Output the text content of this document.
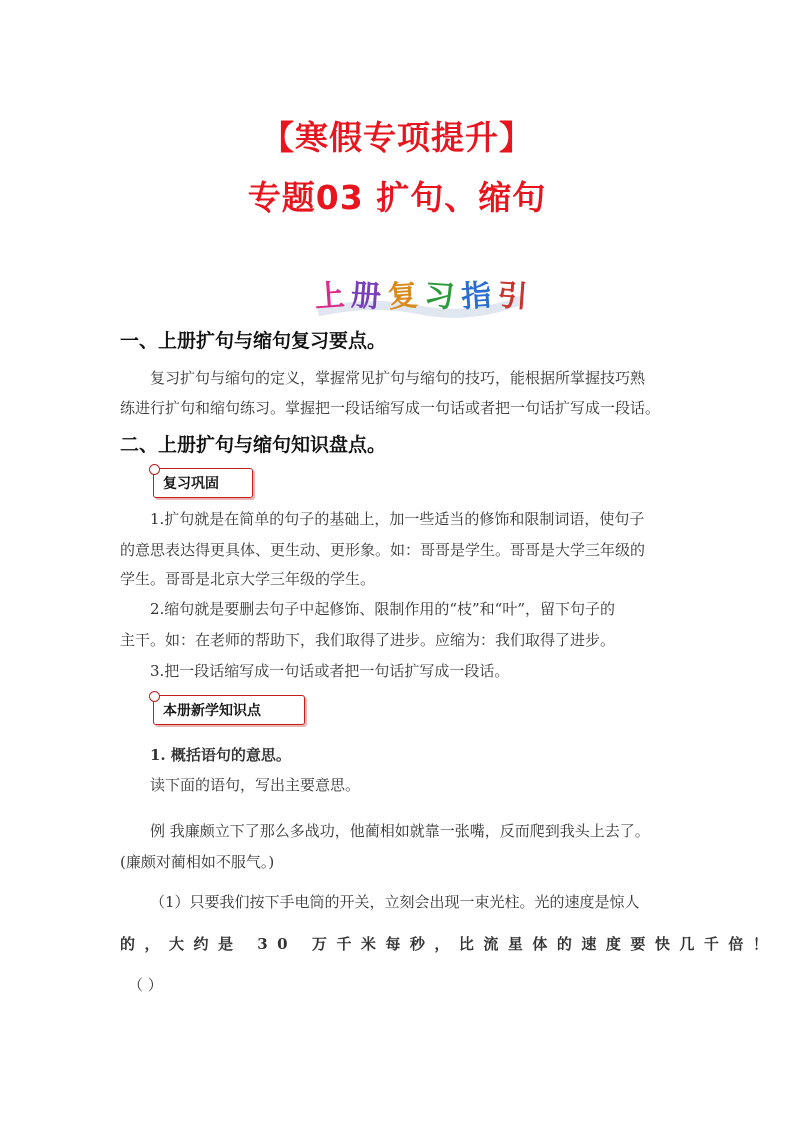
【寒假专项提升】
专题03 扩句、缩句
上 册 复 习 指 引
一、上册扩句与缩句复习要点。
复习扩句与缩句的定义，掌握常见扩句与缩句的技巧，能根据所掌握技巧熟
练进行扩句和缩句练习。掌握把一段话缩写成一句话或者把一句话扩写成一段话。
二、上册扩句与缩句知识盘点。
复习巩固
1.扩句就是在简单的句子的基础上，加一些适当的修饰和限制词语，使句子
的意思表达得更具体、更生动、更形象。如：哥哥是学生。哥哥是大学三年级的
学生。哥哥是北京大学三年级的学生。
2.缩句就是要删去句子中起修饰、限制作用的“枝”和“叶”，留下句子的
主干。如：在老师的帮助下，我们取得了进步。应缩为：我们取得了进步。
3.把一段话缩写成一句话或者把一句话扩写成一段话。
本册新学知识点
1. 概括语句的意思。
读下面的语句，写出主要意思。
例 我廉颇立下了那么多战功，他蔺相如就靠一张嘴，反而爬到我头上去了。
(廉颇对蔺相如不服气。)
（1）只要我们按下手电筒的开关，立刻会出现一束光柱。光的速度是惊人
的，大约是 30 万千米每秒，比流星体的速度要快几千倍！
（ ）
